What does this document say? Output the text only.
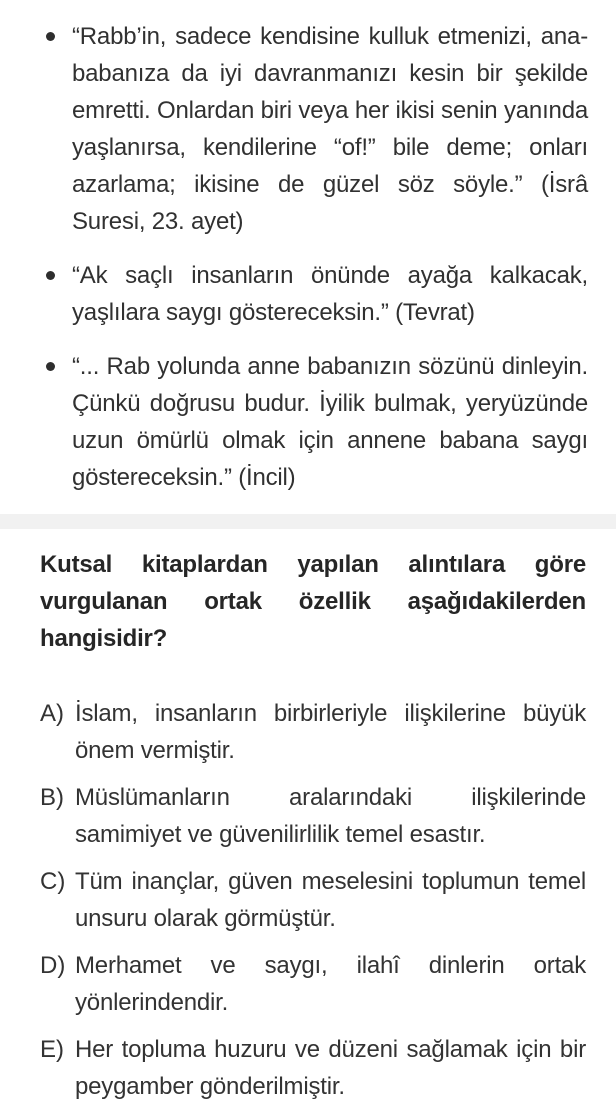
“Rabb’in, sadece kendisine kulluk etmenizi, ana-babanıza da iyi davranmanızı kesin bir şekilde emretti. Onlardan biri veya her ikisi senin yanında yaşlanırsa, kendilerine “of!” bile deme; onları azarlama; ikisine de güzel söz söyle.” (İsrâ Suresi, 23. ayet)

“Ak saçlı insanların önünde ayağa kalkacak, yaşlılara saygı göstereceksin.” (Tevrat)

“... Rab yolunda anne babanızın sözünü dinleyin. Çünkü doğrusu budur. İyilik bulmak, yeryüzünde uzun ömürlü olmak için annene babana saygı göstereceksin.” (İncil)

Kutsal kitaplardan yapılan alıntılara göre vurgulanan ortak özellik aşağıdakilerden hangisidir?
A) İslam, insanların birbirleriyle ilişkilerine büyük önem vermiştir.
B) Müslümanların aralarındaki ilişkilerinde samimiyet ve güvenilirlilik temel esastır.
C) Tüm inançlar, güven meselesini toplumun temel unsuru olarak görmüştür.
D) Merhamet ve saygı, ilahî dinlerin ortak yönlerindendir.
E) Her topluma huzuru ve düzeni sağlamak için bir peygamber gönderilmiştir.
